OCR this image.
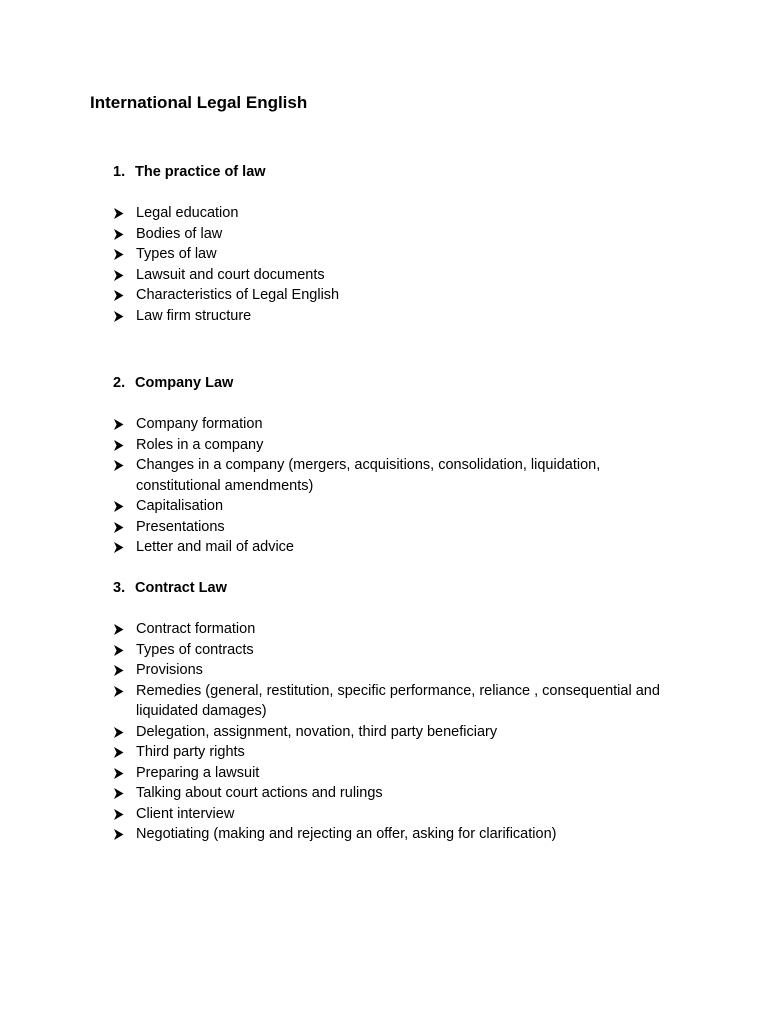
International Legal English
1. The practice of law
Legal education
Bodies of law
Types of law
Lawsuit and court documents
Characteristics of Legal English
Law firm structure
2. Company Law
Company formation
Roles in a company
Changes in a company (mergers, acquisitions, consolidation, liquidation, constitutional amendments)
Capitalisation
Presentations
Letter and mail of advice
3. Contract Law
Contract formation
Types of contracts
Provisions
Remedies (general, restitution, specific performance, reliance , consequential and liquidated damages)
Delegation, assignment, novation, third party beneficiary
Third party rights
Preparing a lawsuit
Talking about court actions and rulings
Client interview
Negotiating (making and rejecting an offer, asking for clarification)
